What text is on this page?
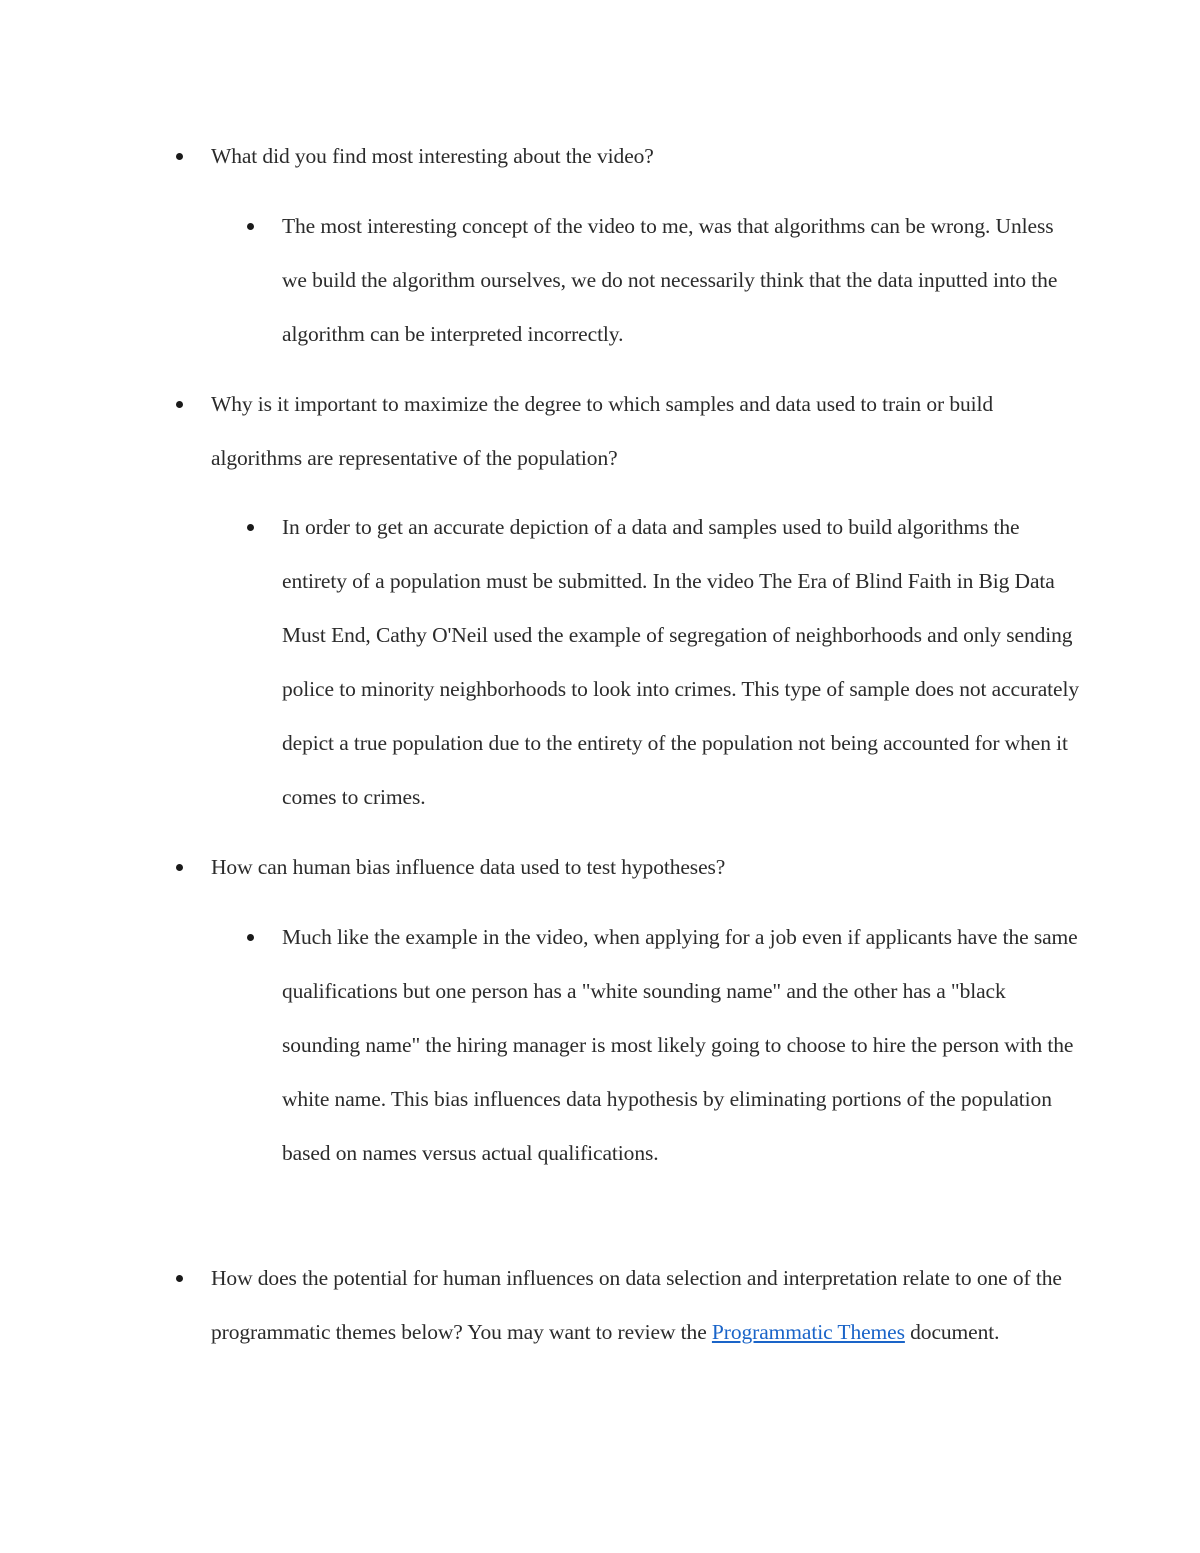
What did you find most interesting about the video?
The most interesting concept of the video to me, was that algorithms can be wrong. Unless we build the algorithm ourselves, we do not necessarily think that the data inputted into the algorithm can be interpreted incorrectly.
Why is it important to maximize the degree to which samples and data used to train or build algorithms are representative of the population?
In order to get an accurate depiction of a data and samples used to build algorithms the entirety of a population must be submitted. In the video The Era of Blind Faith in Big Data Must End, Cathy O'Neil used the example of segregation of neighborhoods and only sending police to minority neighborhoods to look into crimes. This type of sample does not accurately depict a true population due to the entirety of the population not being accounted for when it comes to crimes.
How can human bias influence data used to test hypotheses?
Much like the example in the video, when applying for a job even if applicants have the same qualifications but one person has a "white sounding name" and the other has a "black sounding name" the hiring manager is most likely going to choose to hire the person with the white name. This bias influences data hypothesis by eliminating portions of the population based on names versus actual qualifications.
How does the potential for human influences on data selection and interpretation relate to one of the programmatic themes below? You may want to review the Programmatic Themes document.
